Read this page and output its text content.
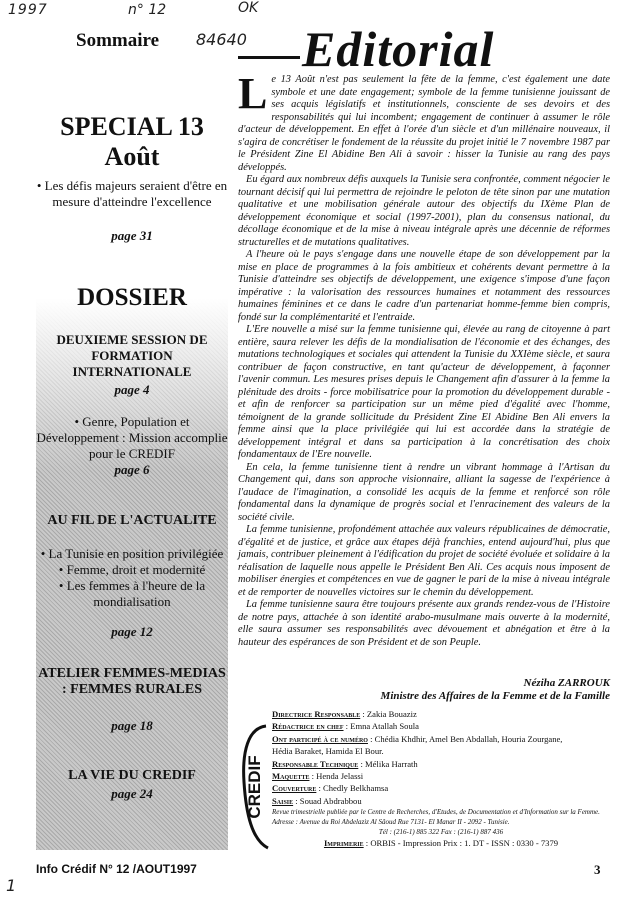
1997	n° 12	OK
84640
1
Sommaire
SPECIAL 13 Août
• Les défis majeurs seraient d'être en mesure d'atteindre l'excellence
page 31
DOSSIER
DEUXIEME SESSION DE FORMATION INTERNATIONALE
page 4
• Genre, Population et Développement : Mission accomplie pour le CREDIF
page 6
AU FIL DE L'ACTUALITE
• La Tunisie en position privilégiée
• Femme, droit et modernité
• Les femmes à l'heure de la mondialisation
page 12
ATELIER FEMMES-MEDIAS : FEMMES RURALES
page 18
LA VIE DU CREDIF
page 24
Editorial

Le 13 Août n'est pas seulement la fête de la femme, c'est également une date symbole et une date engagement; symbole de la femme tunisienne jouissant de ses acquis législatifs et institutionnels, consciente de ses devoirs et des responsabilités qui lui incombent; engagement de continuer à assumer le rôle d'acteur de développement. En effet à l'orée d'un siècle et d'un millénaire nouveaux, il s'agira de concrétiser le fondement de la réussite du projet initié le 7 novembre 1987 par le Président Zine El Abidine Ben Ali à savoir : hisser la Tunisie au rang des pays développés.

Eu égard aux nombreux défis auxquels la Tunisie sera confrontée, comment négocier le tournant décisif qui lui permettra de rejoindre le peloton de tête sinon par une mutation qualitative et une mobilisation générale autour des objectifs du IXème Plan de développement économique et social (1997-2001), plan du consensus national, du décollage économique et de la mise à niveau intégrale après une décennie de réformes structurelles et de mutations qualitatives.

A l'heure où le pays s'engage dans une nouvelle étape de son développement par la mise en place de programmes à la fois ambitieux et cohérents devant permettre à la Tunisie d'atteindre ses objectifs de développement, une exigence s'impose d'une façon impérative : la valorisation des ressources humaines et notamment des ressources humaines féminines et ce dans le cadre d'un partenariat homme-femme bien compris, fondé sur la complémentarité et l'entraide.

L'Ere nouvelle a misé sur la femme tunisienne qui, élevée au rang de citoyenne à part entière, saura relever les défis de la mondialisation de l'économie et des échanges, des mutations technologiques et sociales qui attendent la Tunisie du XXIème siècle, et saura contribuer de façon constructive, en tant qu'acteur de développement, à façonner l'avenir commun. Les mesures prises depuis le Changement afin d'assurer à la femme la plénitude des droits - force mobilisatrice pour la promotion du développement durable - et afin de renforcer sa participation sur un même pied d'égalité avec l'homme, témoignent de la grande sollicitude du Président Zine El Abidine Ben Ali envers la femme ainsi que la place privilégiée qui lui est accordée dans la stratégie de développement intégral et dans sa participation à la concrétisation des choix fondamentaux de l'Ere nouvelle.

En cela, la femme tunisienne tient à rendre un vibrant hommage à l'Artisan du Changement qui, dans son approche visionnaire, alliant la sagesse de l'expérience à l'audace de l'imagination, a consolidé les acquis de la femme et renforcé son rôle fondamental dans la dynamique de progrès social et l'enracinement des valeurs de la société civile.

La femme tunisienne, profondément attachée aux valeurs républicaines de démocratie, d'égalité et de justice, et grâce aux étapes déjà franchies, entend aujourd'hui, plus que jamais, contribuer pleinement à l'édification du projet de société évoluée et solidaire à la réalisation de laquelle nous appelle le Président Ben Ali. Ces acquis nous imposent de mobiliser énergies et compétences en vue de gagner le pari de la mise à niveau intégrale et de remporter de nouvelles victoires sur le chemin du développement.

La femme tunisienne saura être toujours présente aux grands rendez-vous de l'Histoire de notre pays, attachée à son identité arabo-musulmane mais ouverte à la modernité, elle saura assumer ses responsabilités avec dévouement et abnégation et être à la hauteur des espérances de son Président et de son Peuple.

Néziha ZARROUK
Ministre des Affaires de la Femme et de la Famille
CREDIF
Directrice Responsable : Zakia Bouaziz
Rédactrice en chef : Emna Atallah Soula
Ont participé à ce numéro : Chédia Khdhir, Amel Ben Abdallah, Houria Zourgane,
Hédia Baraket, Hamida El Bour.
Responsable Technique : Mélika Harrath
Maquette : Henda Jelassi
Couverture : Chedly Belkhamsa
Saisie : Souad Abdrabbou
Revue trimestrielle publiée par le Centre de Recherches, d'Etudes, de Documentation et d'Information sur la Femme. Adresse : Avenue du Roi Abdelaziz Al Sâoud Rue 7131- El Manar II - 2092 - Tunisie.
Tél : (216-1) 885 322 Fax : (216-1) 887 436
Imprimerie : ORBIS - Impression Prix : 1. DT - ISSN : 0330 - 7379
Info Crédif N° 12 /AOUT1997	3
